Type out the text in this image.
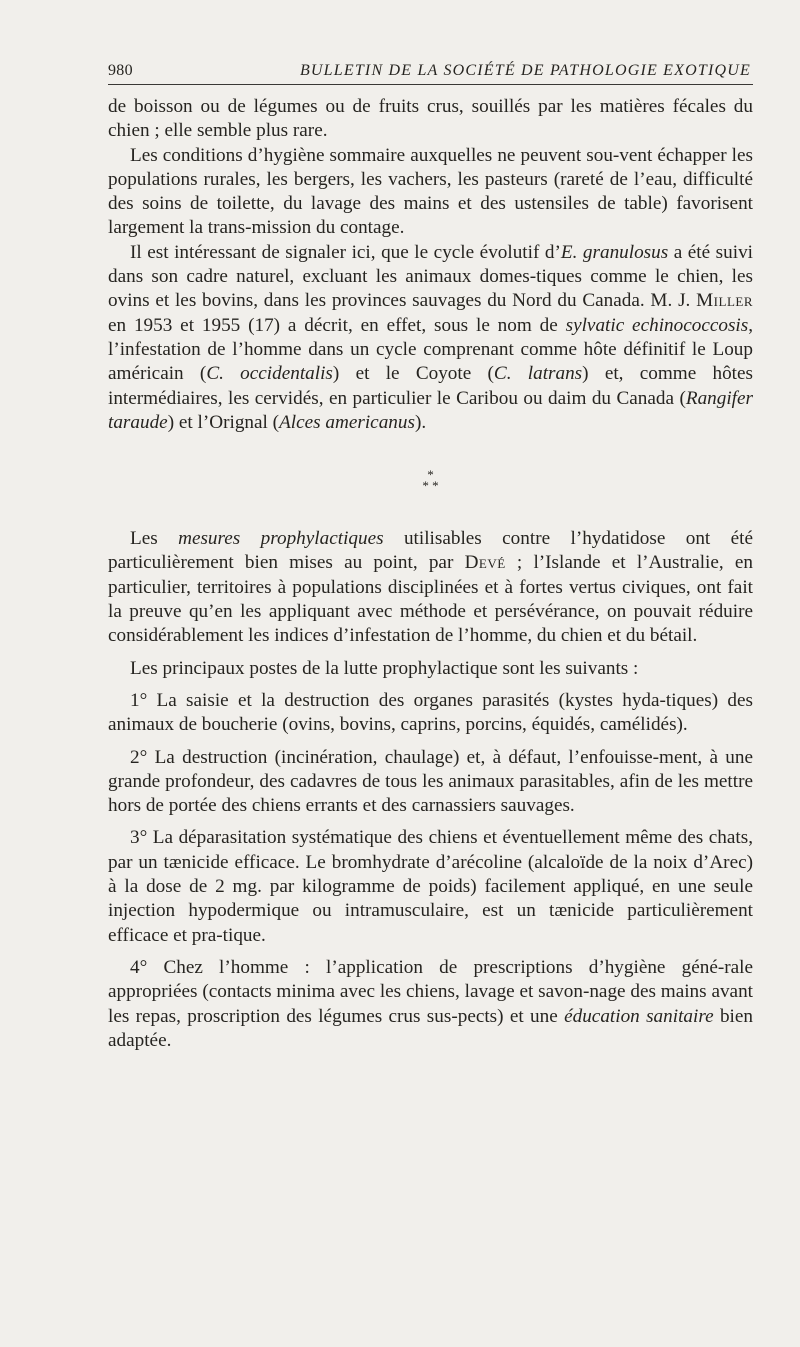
980	BULLETIN DE LA SOCIÉTÉ DE PATHOLOGIE EXOTIQUE

de boisson ou de légumes ou de fruits crus, souillés par les matières fécales du chien ; elle semble plus rare.

Les conditions d’hygiène sommaire auxquelles ne peuvent sou-vent échapper les populations rurales, les bergers, les vachers, les pasteurs (rareté de l’eau, difficulté des soins de toilette, du lavage des mains et des ustensiles de table) favorisent largement la trans-mission du contage.

Il est intéressant de signaler ici, que le cycle évolutif d’E. granulosus a été suivi dans son cadre naturel, excluant les animaux domes-tiques comme le chien, les ovins et les bovins, dans les provinces sauvages du Nord du Canada. M. J. Miller en 1953 et 1955 (17) a décrit, en effet, sous le nom de sylvatic echinococcosis, l’infestation de l’homme dans un cycle comprenant comme hôte définitif le Loup américain (C. occidentalis) et le Coyote (C. latrans) et, comme hôtes intermédiaires, les cervidés, en particulier le Caribou ou daim du Canada (Rangifer taraude) et l’Orignal (Alces americanus).

*
* *

Les mesures prophylactiques utilisables contre l’hydatidose ont été particulièrement bien mises au point, par Devé ; l’Islande et l’Australie, en particulier, territoires à populations disciplinées et à fortes vertus civiques, ont fait la preuve qu’en les appliquant avec méthode et persévérance, on pouvait réduire considérablement les indices d’infestation de l’homme, du chien et du bétail.

Les principaux postes de la lutte prophylactique sont les suivants :

1° La saisie et la destruction des organes parasités (kystes hyda-tiques) des animaux de boucherie (ovins, bovins, caprins, porcins, équidés, camélidés).

2° La destruction (incinération, chaulage) et, à défaut, l’enfouisse-ment, à une grande profondeur, des cadavres de tous les animaux parasitables, afin de les mettre hors de portée des chiens errants et des carnassiers sauvages.

3° La déparasitation systématique des chiens et éventuellement même des chats, par un tænicide efficace. Le bromhydrate d’arécoline (alcaloïde de la noix d’Arec) à la dose de 2 mg. par kilogramme de poids) facilement appliqué, en une seule injection hypodermique ou intramusculaire, est un tænicide particulièrement efficace et pra-tique.

4° Chez l’homme : l’application de prescriptions d’hygiène géné-rale appropriées (contacts minima avec les chiens, lavage et savon-nage des mains avant les repas, proscription des légumes crus sus-pects) et une éducation sanitaire bien adaptée.
